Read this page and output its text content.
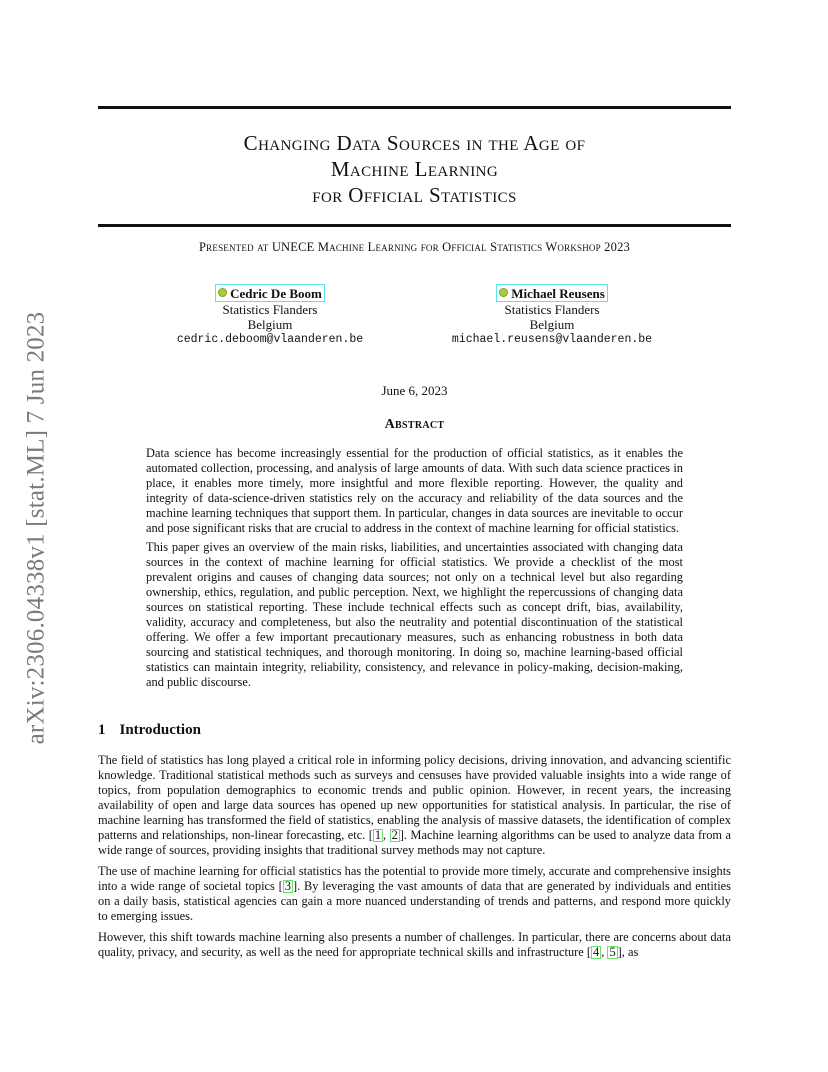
arXiv:2306.04338v1 [stat.ML] 7 Jun 2023
Changing Data Sources in the Age of
Machine Learning
for Official Statistics
Presented at UNECE Machine Learning for Official Statistics Workshop 2023
Cedric De Boom
Statistics Flanders
Belgium
cedric.deboom@vlaanderen.be
Michael Reusens
Statistics Flanders
Belgium
michael.reusens@vlaanderen.be
June 6, 2023
Abstract

Data science has become increasingly essential for the production of official statistics, as it enables the automated collection, processing, and analysis of large amounts of data. With such data science practices in place, it enables more timely, more insightful and more flexible reporting. However, the quality and integrity of data-science-driven statistics rely on the accuracy and reliability of the data sources and the machine learning techniques that support them. In particular, changes in data sources are inevitable to occur and pose significant risks that are crucial to address in the context of machine learning for official statistics.

This paper gives an overview of the main risks, liabilities, and uncertainties associated with changing data sources in the context of machine learning for official statistics. We provide a checklist of the most prevalent origins and causes of changing data sources; not only on a technical level but also regarding ownership, ethics, regulation, and public perception. Next, we highlight the repercussions of changing data sources on statistical reporting. These include technical effects such as concept drift, bias, availability, validity, accuracy and completeness, but also the neutrality and potential discontinuation of the statistical offering. We offer a few important precautionary measures, such as enhancing robustness in both data sourcing and statistical techniques, and thorough monitoring. In doing so, machine learning-based official statistics can maintain integrity, reliability, consistency, and relevance in policy-making, decision-making, and public discourse.

1 Introduction

The field of statistics has long played a critical role in informing policy decisions, driving innovation, and advancing scientific knowledge. Traditional statistical methods such as surveys and censuses have provided valuable insights into a wide range of topics, from population demographics to economic trends and public opinion. However, in recent years, the increasing availability of open and large data sources has opened up new opportunities for statistical analysis. In particular, the rise of machine learning has transformed the field of statistics, enabling the analysis of massive datasets, the identification of complex patterns and relationships, non-linear forecasting, etc. [ 1 , 2 ]. Machine learning algorithms can be used to analyze data from a wide range of sources, providing insights that traditional survey methods may not capture.

The use of machine learning for official statistics has the potential to provide more timely, accurate and comprehensive insights into a wide range of societal topics [ 3 ]. By leveraging the vast amounts of data that are generated by individuals and entities on a daily basis, statistical agencies can gain a more nuanced understanding of trends and patterns, and respond more quickly to emerging issues.

However, this shift towards machine learning also presents a number of challenges. In particular, there are concerns about data quality, privacy, and security, as well as the need for appropriate technical skills and infrastructure [ 4 , 5 ], as
